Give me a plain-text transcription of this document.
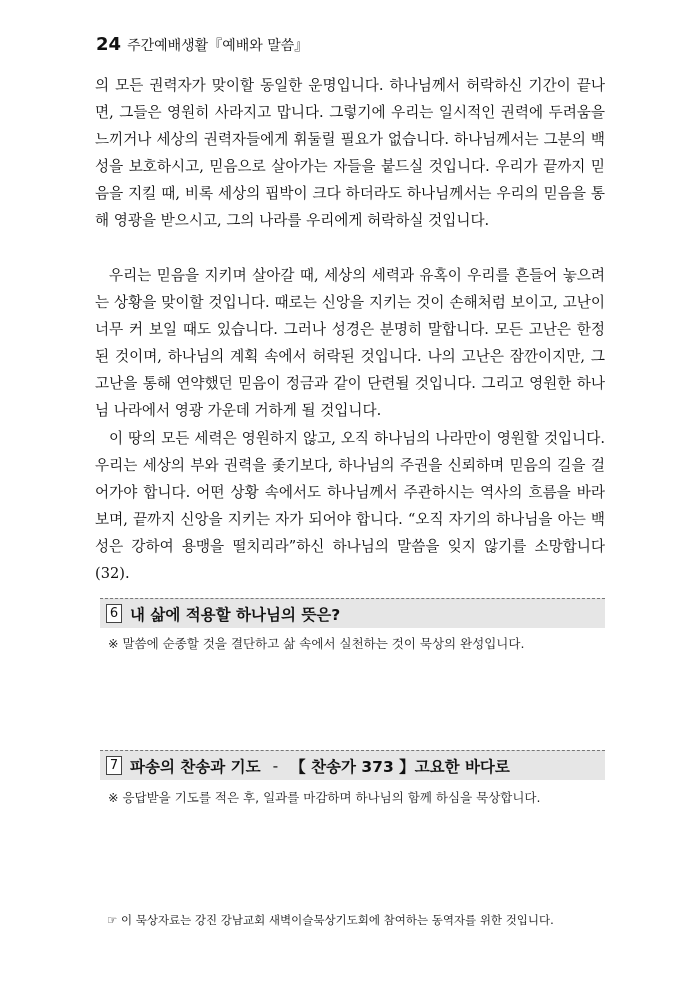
24 주간예배생활『예배와 말씀』

의 모든 권력자가 맞이할 동일한 운명입니다. 하나님께서 허락하신 기간이 끝나면, 그들은 영원히 사라지고 맙니다. 그렇기에 우리는 일시적인 권력에 두려움을 느끼거나 세상의 권력자들에게 휘둘릴 필요가 없습니다. 하나님께서는 그분의 백성을 보호하시고, 믿음으로 살아가는 자들을 붙드실 것입니다. 우리가 끝까지 믿음을 지킬 때, 비록 세상의 핍박이 크다 하더라도 하나님께서는 우리의 믿음을 통해 영광을 받으시고, 그의 나라를 우리에게 허락하실 것입니다.

우리는 믿음을 지키며 살아갈 때, 세상의 세력과 유혹이 우리를 흔들어 놓으려는 상황을 맞이할 것입니다. 때로는 신앙을 지키는 것이 손해처럼 보이고, 고난이 너무 커 보일 때도 있습니다. 그러나 성경은 분명히 말합니다. 모든 고난은 한정된 것이며, 하나님의 계획 속에서 허락된 것입니다. 나의 고난은 잠깐이지만, 그 고난을 통해 연약했던 믿음이 정금과 같이 단련될 것입니다. 그리고 영원한 하나님 나라에서 영광 가운데 거하게 될 것입니다.

이 땅의 모든 세력은 영원하지 않고, 오직 하나님의 나라만이 영원할 것입니다. 우리는 세상의 부와 권력을 좇기보다, 하나님의 주권을 신뢰하며 믿음의 길을 걸어가야 합니다. 어떤 상황 속에서도 하나님께서 주관하시는 역사의 흐름을 바라보며, 끝까지 신앙을 지키는 자가 되어야 합니다. “오직 자기의 하나님을 아는 백성은 강하여 용맹을 떨치리라”하신 하나님의 말씀을 잊지 않기를 소망합니다(32).

6 내 삶에 적용할 하나님의 뜻은?
※ 말씀에 순종할 것을 결단하고 삶 속에서 실천하는 것이 묵상의 완성입니다.
7 파송의 찬송과 기도 - 【 찬송가 373 】고요한 바다로
※ 응답받을 기도를 적은 후, 일과를 마감하며 하나님의 함께 하심을 묵상합니다.
☞ 이 묵상자료는 강진 강남교회 새벽이슬묵상기도회에 참여하는 동역자를 위한 것입니다.
